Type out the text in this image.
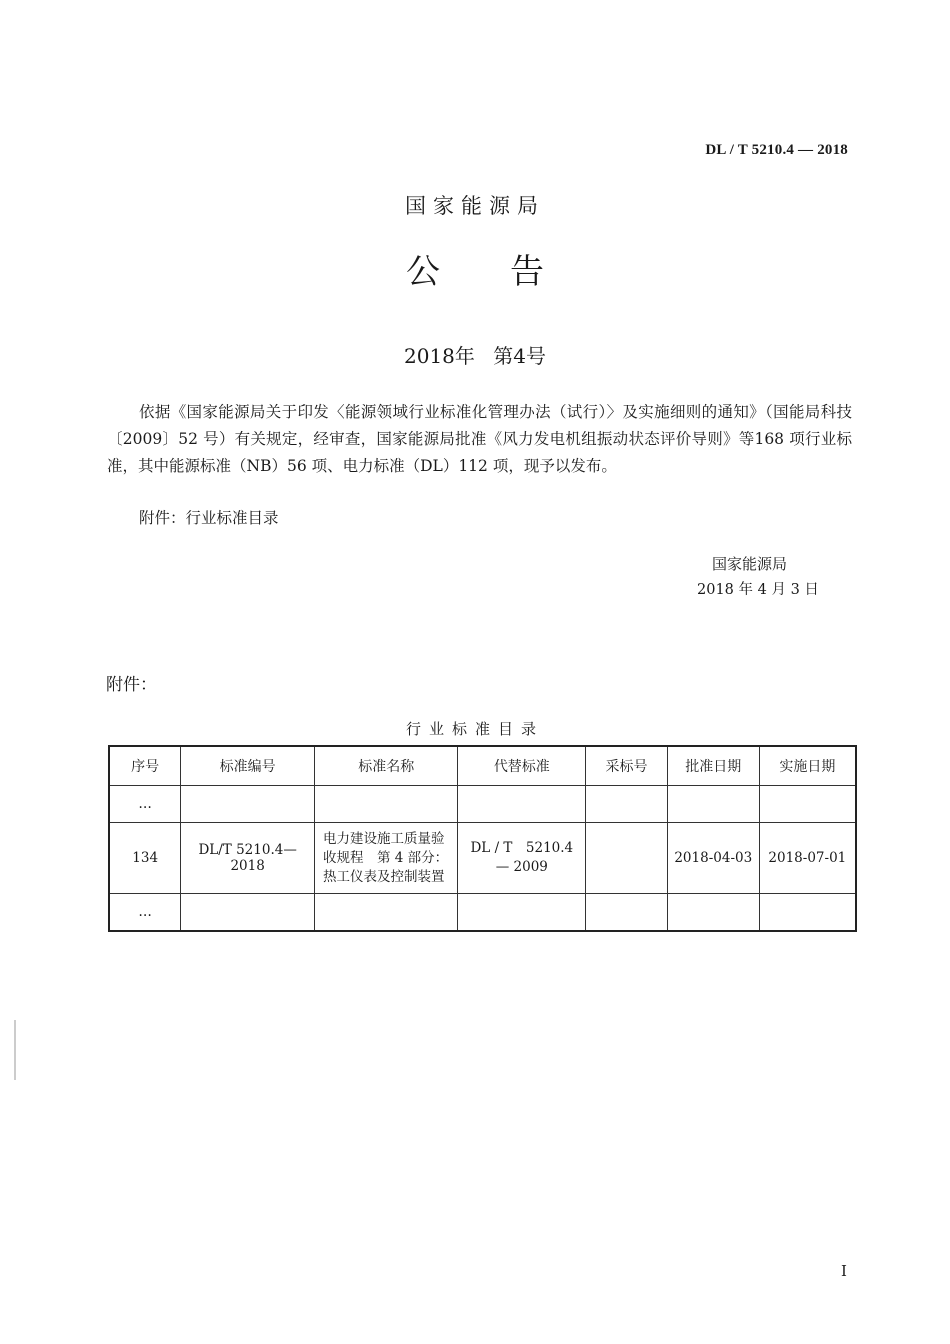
DL / T 5210.4 — 2018
国家能源局
公告
2018年 第4号
依据《国家能源局关于印发〈能源领域行业标准化管理办法（试行）〉及实施细则的通知》（国能局科技〔2009〕52 号）有关规定，经审查，国家能源局批准《风力发电机组振动状态评价导则》等168 项行业标准，其中能源标准（NB）56 项、电力标准（DL）112 项，现予以发布。
附件：行业标准目录
国家能源局
2018 年 4 月 3 日
附件：
行业标准目录
序号	标准编号	标准名称	代替标准	采标号	批准日期	实施日期
…						
134	DL/T 5210.4—2018	电力建设施工质量验收规程　第 4 部分：热工仪表及控制装置	DL / T　5210.4 — 2009		2018-04-03	2018-07-01
…						
I
